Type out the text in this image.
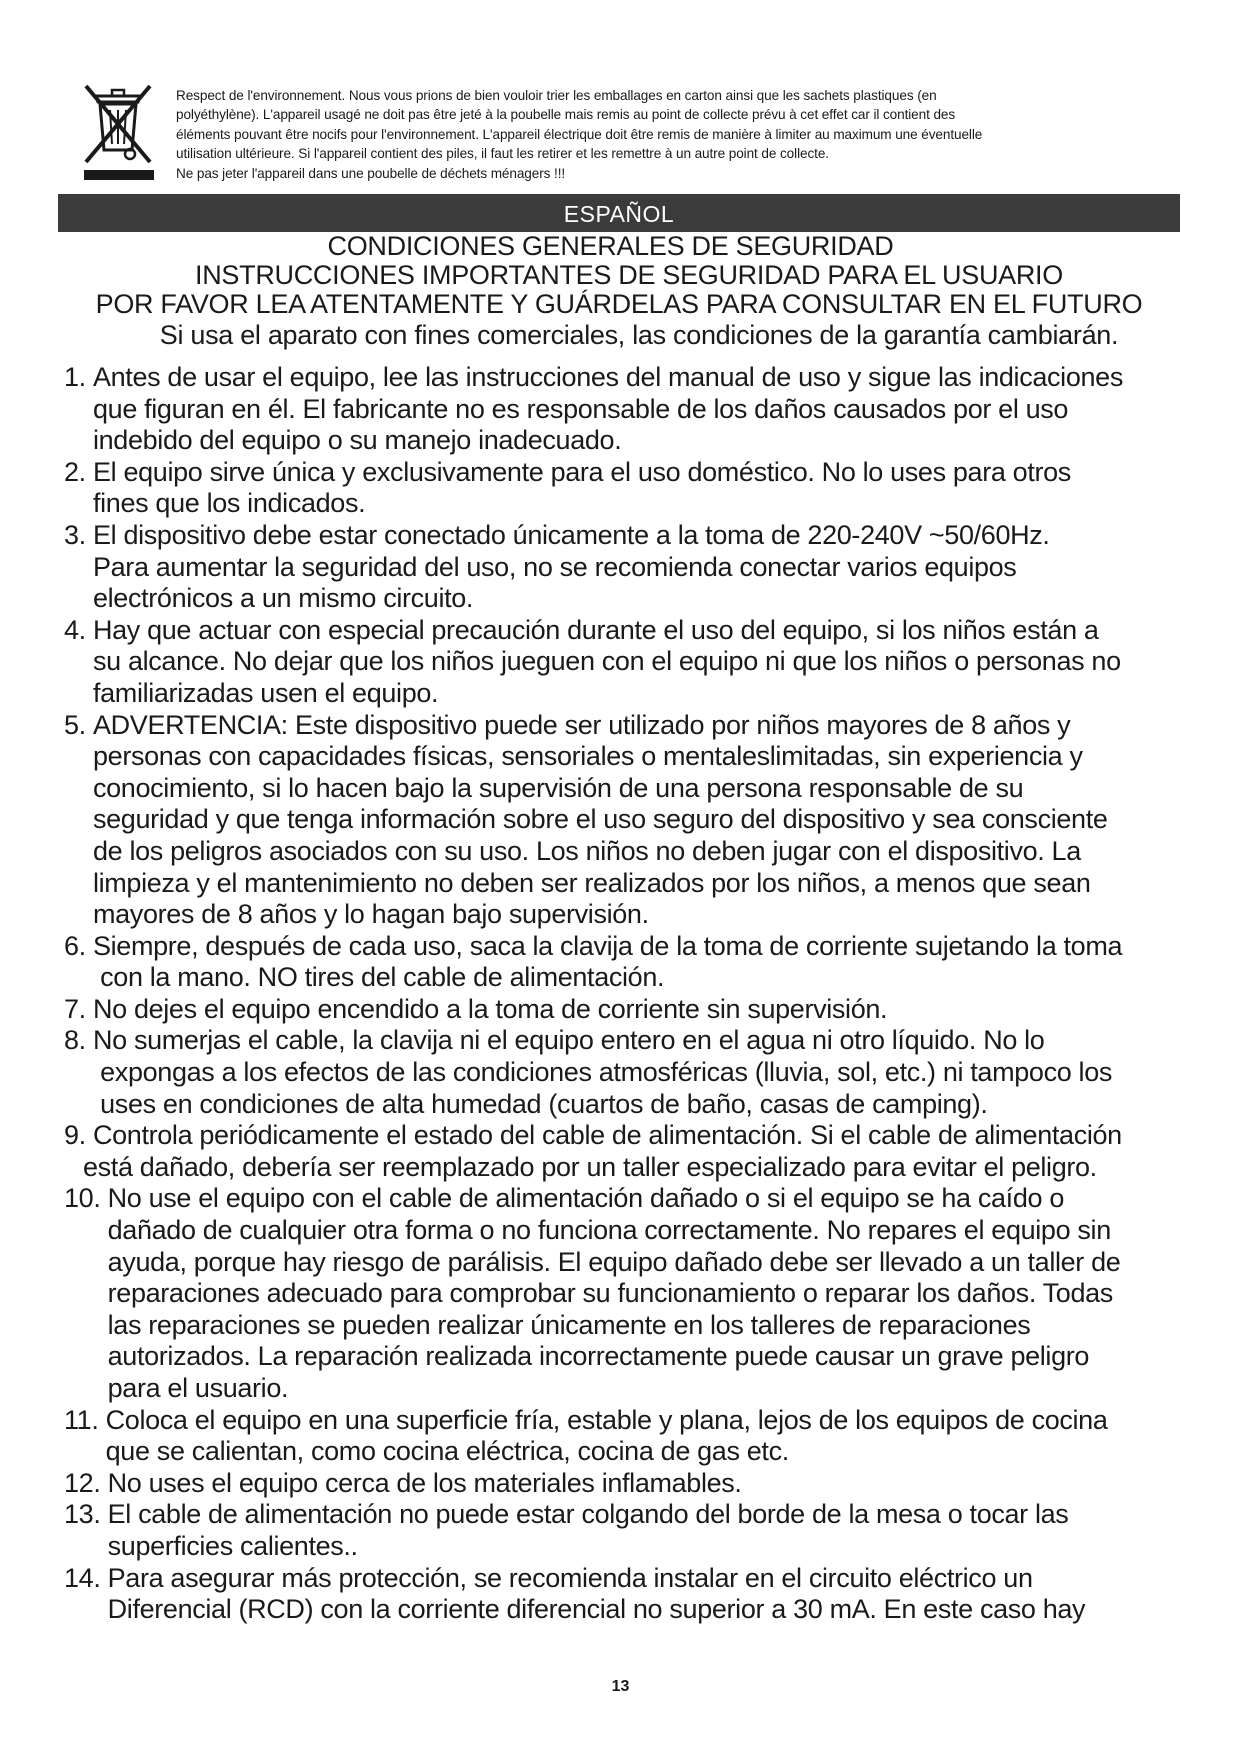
Respect de l'environnement. Nous vous prions de bien vouloir trier les emballages en carton ainsi que les sachets plastiques (en

polyéthylène). L'appareil usagé ne doit pas être jeté à la poubelle mais remis au point de collecte prévu à cet effet car il contient des

éléments pouvant être nocifs pour l'environnement. L'appareil électrique doit être remis de manière à limiter au maximum une éventuelle

utilisation ultérieure. Si l'appareil contient des piles, il faut les retirer et les remettre à un autre point de collecte.

Ne pas jeter l'appareil dans une poubelle de déchets ménagers !!!

ESPAÑOL
CONDICIONES GENERALES DE SEGURIDAD
INSTRUCCIONES IMPORTANTES DE SEGURIDAD PARA EL USUARIO
POR FAVOR LEA ATENTAMENTE Y GUÁRDELAS PARA CONSULTAR EN EL FUTURO
Si usa el aparato con fines comerciales, las condiciones de la garantía cambiarán.
1. Antes de usar el equipo, lee las instrucciones del manual de uso y sigue las indicaciones
que figuran en él. El fabricante no es responsable de los daños causados por el uso
indebido del equipo o su manejo inadecuado.
2. El equipo sirve única y exclusivamente para el uso doméstico. No lo uses para otros
fines que los indicados.
3. El dispositivo debe estar conectado únicamente a la toma de 220-240V ~50/60Hz.
Para aumentar la seguridad del uso, no se recomienda conectar varios equipos
electrónicos a un mismo circuito.
4. Hay que actuar con especial precaución durante el uso del equipo, si los niños están a
su alcance. No dejar que los niños jueguen con el equipo ni que los niños o personas no
familiarizadas usen el equipo.
5. ADVERTENCIA: Este dispositivo puede ser utilizado por niños mayores de 8 años y
personas con capacidades físicas, sensoriales o mentaleslimitadas, sin experiencia y
conocimiento, si lo hacen bajo la supervisión de una persona responsable de su
seguridad y que tenga información sobre el uso seguro del dispositivo y sea consciente
de los peligros asociados con su uso. Los niños no deben jugar con el dispositivo. La
limpieza y el mantenimiento no deben ser realizados por los niños, a menos que sean
mayores de 8 años y lo hagan bajo supervisión.
6. Siempre, después de cada uso, saca la clavija de la toma de corriente sujetando la toma
con la mano. NO tires del cable de alimentación.
7. No dejes el equipo encendido a la toma de corriente sin supervisión.
8. No sumerjas el cable, la clavija ni el equipo entero en el agua ni otro líquido. No lo
expongas a los efectos de las condiciones atmosféricas (lluvia, sol, etc.) ni tampoco los
uses en condiciones de alta humedad (cuartos de baño, casas de camping).
9. Controla periódicamente el estado del cable de alimentación. Si el cable de alimentación
está dañado, debería ser reemplazado por un taller especializado para evitar el peligro.
10. No use el equipo con el cable de alimentación dañado o si el equipo se ha caído o
dañado de cualquier otra forma o no funciona correctamente. No repares el equipo sin
ayuda, porque hay riesgo de parálisis. El equipo dañado debe ser llevado a un taller de
reparaciones adecuado para comprobar su funcionamiento o reparar los daños. Todas
las reparaciones se pueden realizar únicamente en los talleres de reparaciones
autorizados. La reparación realizada incorrectamente puede causar un grave peligro
para el usuario.
11. Coloca el equipo en una superficie fría, estable y plana, lejos de los equipos de cocina
que se calientan, como cocina eléctrica, cocina de gas etc.
12. No uses el equipo cerca de los materiales inflamables.
13. El cable de alimentación no puede estar colgando del borde de la mesa o tocar las
superficies calientes..
14. Para asegurar más protección, se recomienda instalar en el circuito eléctrico un
Diferencial (RCD) con la corriente diferencial no superior a 30 mA. En este caso hay
13
